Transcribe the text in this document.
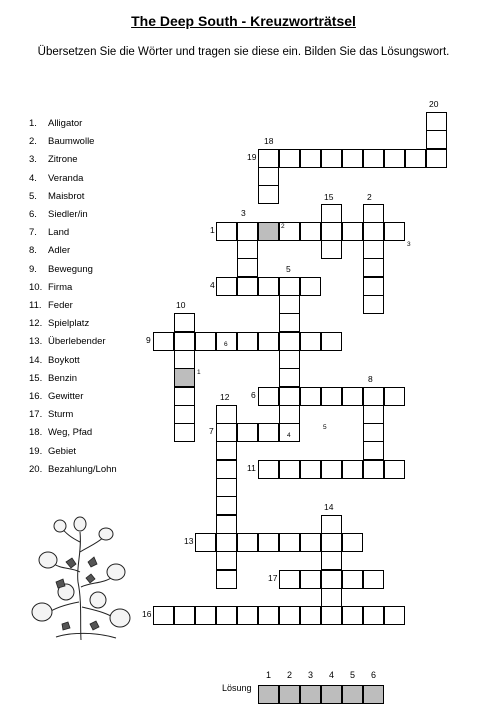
The Deep South - Kreuzworträtsel
Übersetzen Sie die Wörter und tragen sie diese ein. Bilden Sie das Lösungswort.
1.	Alligator
2.	Baumwolle
3.	Zitrone
4.	Veranda
5.	Maisbrot
6.	Siedler/in
7.	Land
8.	Adler
9.	Bewegung
10. Firma
11. Feder
12. Spielplatz
13. Überlebender
14. Boykott
15. Benzin
16. Gewitter
17. Sturm
18. Weg, Pfad
19. Gebiet
20. Bezahlung/Lohn
1
2
3
4
5
6
7
8
9
10
11
12
13
14
15
16
17
18
19
20
1
2
3
4
5
6
Lösung
1	2	3	4	5	6
